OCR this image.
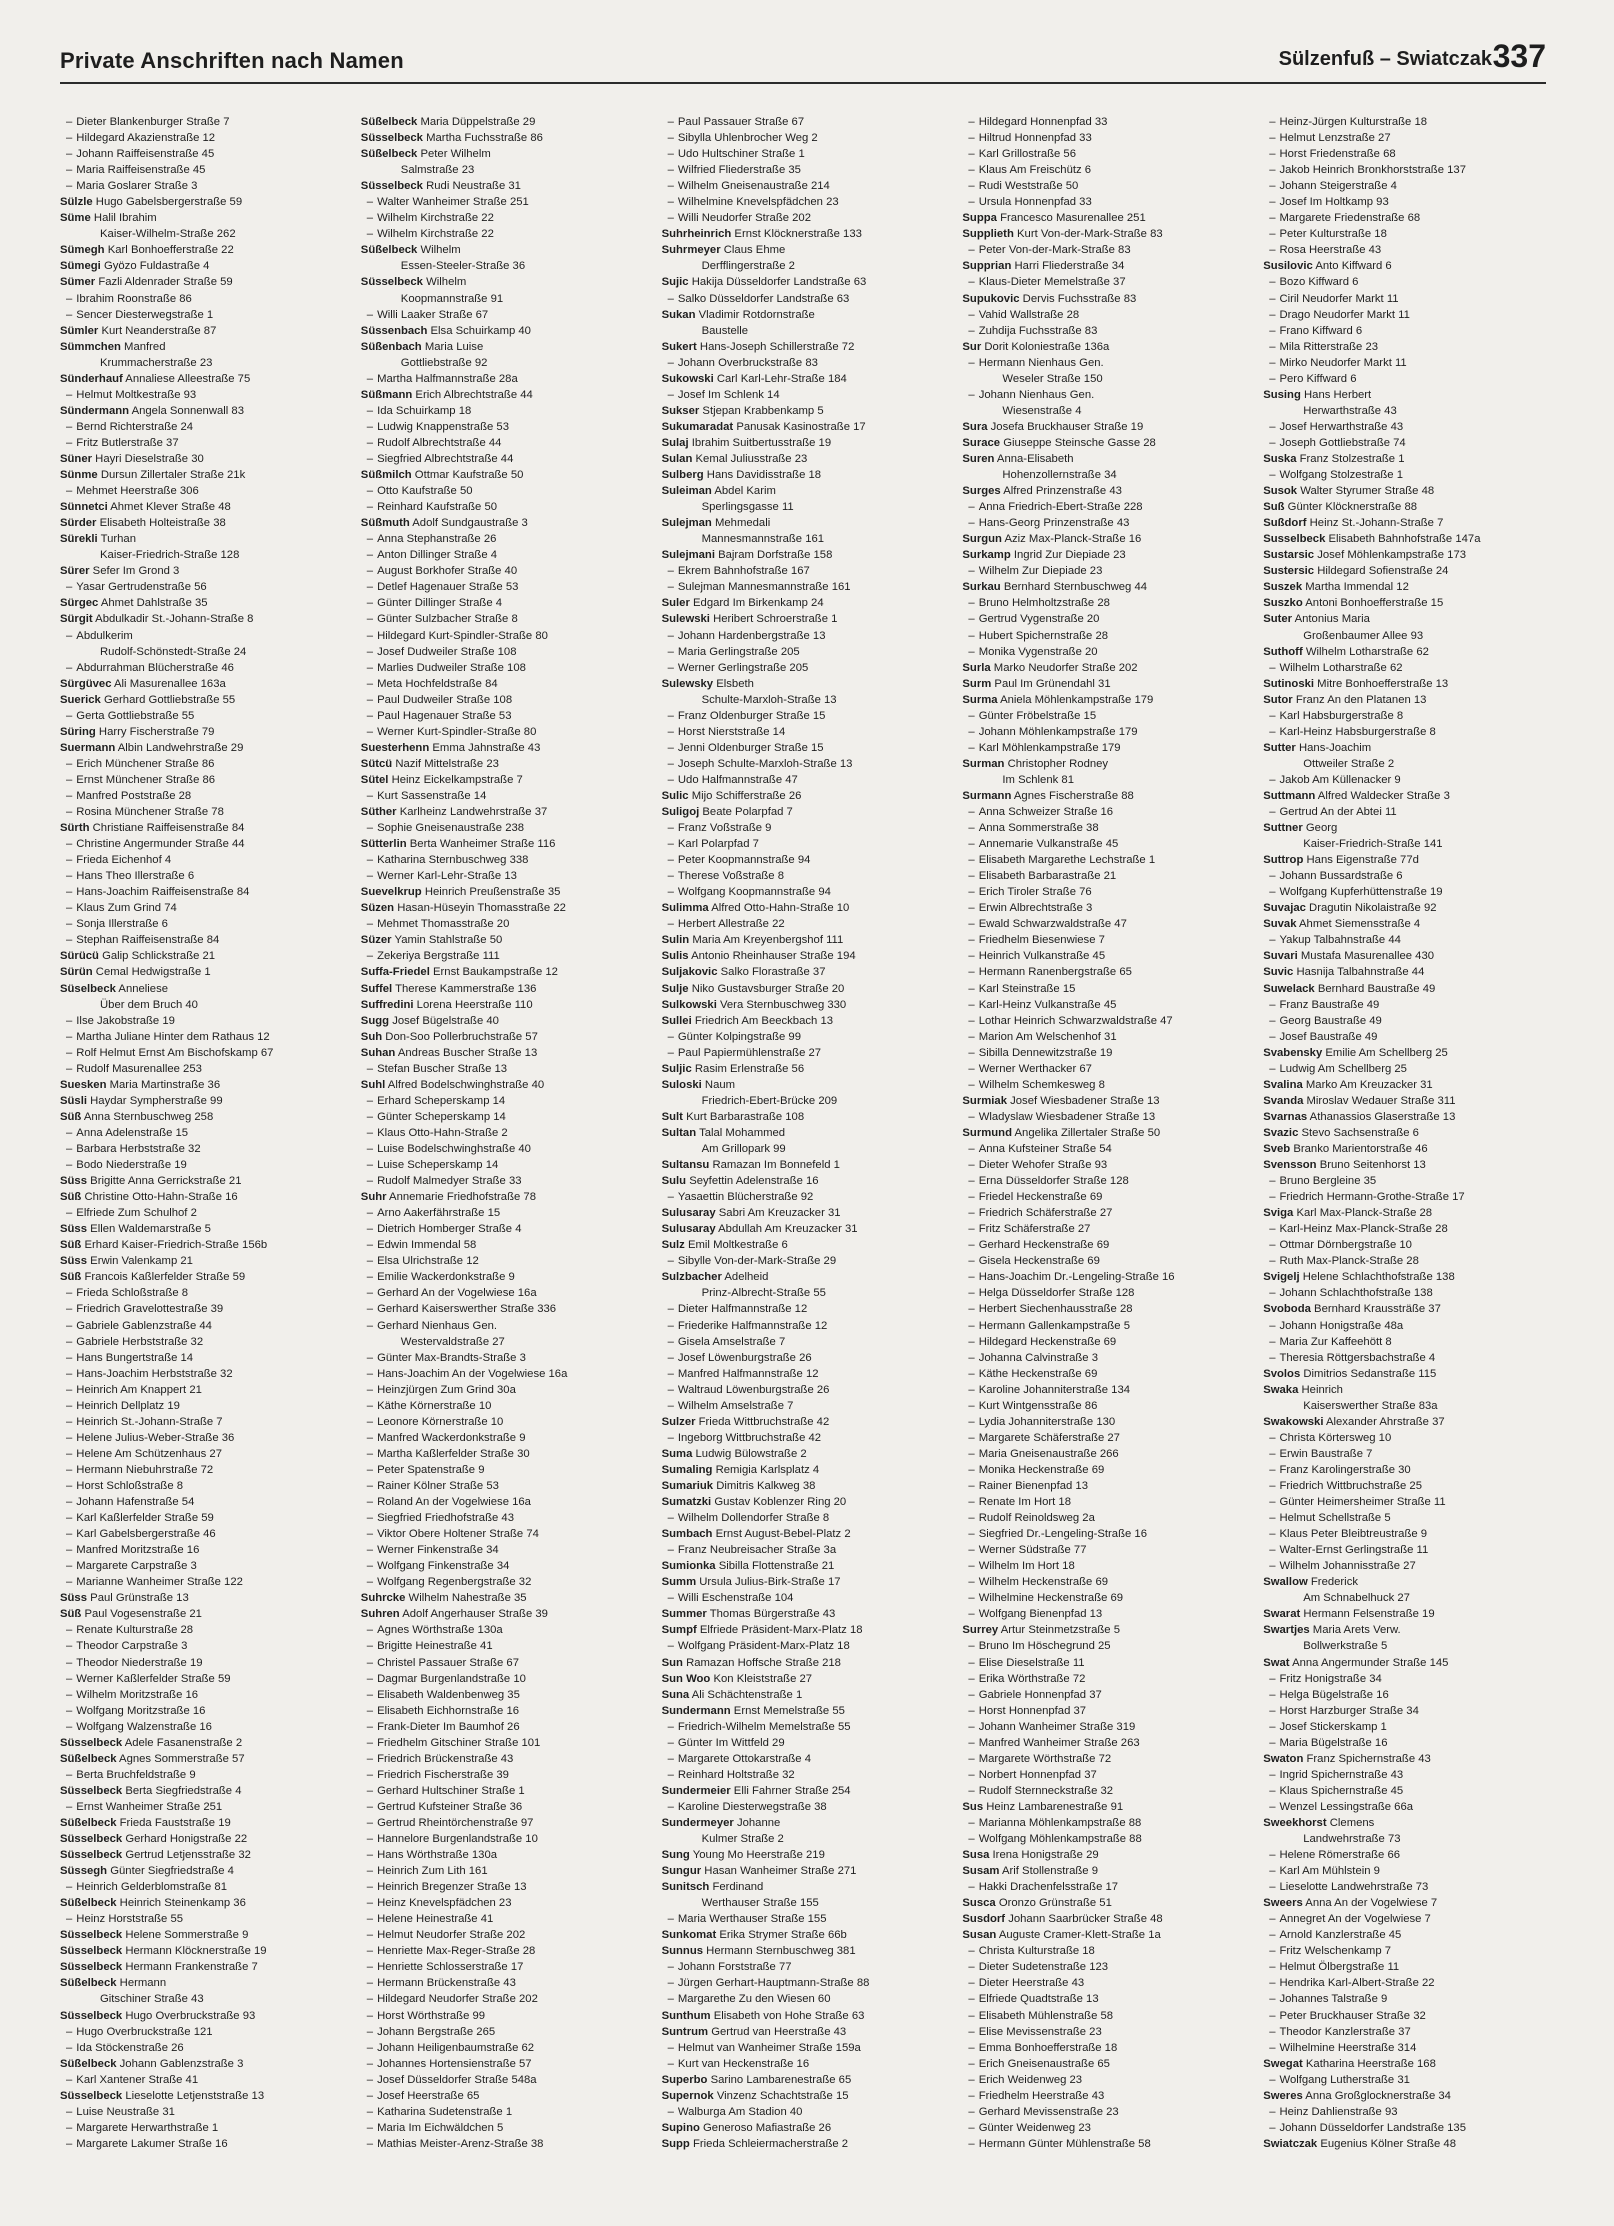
Private Anschriften nach Namen	Sülzenfuß – Swiatczak 337
– Dieter Blankenburger Straße 7
– Hildegard Akazienstraße 12
– Johann Raiffeisenstraße 45
– Maria Raiffeisenstraße 45
– Maria Goslarer Straße 3
Sülzle Hugo Gabelsbergerstraße 59
Süme Halil Ibrahim
Kaiser-Wilhelm-Straße 262
Sümegh Karl Bonhoefferstraße 22
Sümegi Gyözo Fuldastraße 4
Sümer Fazli Aldenrader Straße 59
– Ibrahim Roonstraße 86
– Sencer Diesterwegstraße 1
Sümler Kurt Neanderstraße 87
Sümmchen Manfred
Krummacherstraße 23
Sünderhauf Annaliese Alleestraße 75
– Helmut Moltkestraße 93
Sündermann Angela Sonnenwall 83
– Bernd Richterstraße 24
– Fritz Butlerstraße 37
Süner Hayri Dieselstraße 30
Sünme Dursun Zillertaler Straße 21k
– Mehmet Heerstraße 306
Sünnetci Ahmet Klever Straße 48
Sürder Elisabeth Holteistraße 38
Sürekli Turhan
Kaiser-Friedrich-Straße 128
Sürer Sefer Im Grond 3
– Yasar Gertrudenstraße 56
Sürgec Ahmet Dahlstraße 35
Sürgit Abdulkadir St.-Johann-Straße 8
– Abdulkerim
Rudolf-Schönstedt-Straße 24
– Abdurrahman Blücherstraße 46
Sürgüvec Ali Masurenallee 163a
Suerick Gerhard Gottliebstraße 55
– Gerta Gottliebstraße 55
Süring Harry Fischerstraße 79
Suermann Albin Landwehrstraße 29
– Erich Münchener Straße 86
– Ernst Münchener Straße 86
– Manfred Poststraße 28
– Rosina Münchener Straße 78
Sürth Christiane Raiffeisenstraße 84
– Christine Angermunder Straße 44
– Frieda Eichenhof 4
– Hans Theo Illerstraße 6
– Hans-Joachim Raiffeisenstraße 84
– Klaus Zum Grind 74
– Sonja Illerstraße 6
– Stephan Raiffeisenstraße 84
Sürücü Galip Schlickstraße 21
Sürün Cemal Hedwigstraße 1
Süselbeck Anneliese
Über dem Bruch 40
– Ilse Jakobstraße 19
– Martha Juliane Hinter dem Rathaus 12
– Rolf Helmut Ernst Am Bischofskamp 67
– Rudolf Masurenallee 253
Suesken Maria Martinstraße 36
Süsli Haydar Sympherstraße 99
Süß Anna Sternbuschweg 258
– Anna Adelenstraße 15
– Barbara Herbststraße 32
– Bodo Niederstraße 19
Süss Brigitte Anna Gerrickstraße 21
Süß Christine Otto-Hahn-Straße 16
– Elfriede Zum Schulhof 2
Süss Ellen Waldemarstraße 5
Süß Erhard Kaiser-Friedrich-Straße 156b
Süss Erwin Valenkamp 21
Süß Francois Kaßlerfelder Straße 59
– Frieda Schloßstraße 8
– Friedrich Gravelottestraße 39
– Gabriele Gablenzstraße 44
– Gabriele Herbststraße 32
– Hans Bungertstraße 14
– Hans-Joachim Herbststraße 32
– Heinrich Am Knappert 21
– Heinrich Dellplatz 19
– Heinrich St.-Johann-Straße 7
– Helene Julius-Weber-Straße 36
– Helene Am Schützenhaus 27
– Hermann Niebuhrstraße 72
– Horst Schloßstraße 8
– Johann Hafenstraße 54
– Karl Kaßlerfelder Straße 59
– Karl Gabelsbergerstraße 46
– Manfred Moritzstraße 16
– Margarete Carpstraße 3
– Marianne Wanheimer Straße 122
Süss Paul Grünstraße 13
Süß Paul Vogesenstraße 21
– Renate Kulturstraße 28
– Theodor Carpstraße 3
– Theodor Niederstraße 19
– Werner Kaßlerfelder Straße 59
– Wilhelm Moritzstraße 16
– Wolfgang Moritzstraße 16
– Wolfgang Walzenstraße 16
Süsselbeck Adele Fasanenstraße 2
Süßelbeck Agnes Sommerstraße 57
– Berta Bruchfeldstraße 9
Süsselbeck Berta Siegfriedstraße 4
– Ernst Wanheimer Straße 251
Süßelbeck Frieda Fauststraße 19
Süsselbeck Gerhard Honigstraße 22
Süsselbeck Gertrud Letjensstraße 32
Süssegh Günter Siegfriedstraße 4
– Heinrich Gelderblomstraße 81
Süßelbeck Heinrich Steinenkamp 36
– Heinz Horststraße 55
Süsselbeck Helene Sommerstraße 9
Süsselbeck Hermann Klöcknerstraße 19
Süsselbeck Hermann Frankenstraße 7
Süßelbeck Hermann
Gitschiner Straße 43
Süsselbeck Hugo Overbruckstraße 93
– Hugo Overbruckstraße 121
– Ida Stöckenstraße 26
Süßelbeck Johann Gablenzstraße 3
– Karl Xantener Straße 41
Süsselbeck Lieselotte Letjenststraße 13
– Luise Neustraße 31
– Margarete Herwarthstraße 1
– Margarete Lakumer Straße 16
Süßelbeck Maria Düppelstraße 29
Süsselbeck Martha Fuchsstraße 86
Süßelbeck Peter Wilhelm
Salmstraße 23
Süsselbeck Rudi Neustraße 31
– Walter Wanheimer Straße 251
– Wilhelm Kirchstraße 22
– Wilhelm Kirchstraße 22
Süßelbeck Wilhelm
Essen-Steeler-Straße 36
Süsselbeck Wilhelm
Koopmannstraße 91
– Willi Laaker Straße 67
Süssenbach Elsa Schuirkamp 40
Süßenbach Maria Luise
Gottliebstraße 92
– Martha Halfmannstraße 28a
Süßmann Erich Albrechtstraße 44
– Ida Schuirkamp 18
– Ludwig Knappenstraße 53
– Rudolf Albrechtstraße 44
– Siegfried Albrechtstraße 44
Süßmilch Ottmar Kaufstraße 50
– Otto Kaufstraße 50
– Reinhard Kaufstraße 50
Süßmuth Adolf Sundgaustraße 3
– Anna Stephanstraße 26
– Anton Dillinger Straße 4
– August Borkhofer Straße 40
– Detlef Hagenauer Straße 53
– Günter Dillinger Straße 4
– Günter Sulzbacher Straße 8
– Hildegard Kurt-Spindler-Straße 80
– Josef Dudweiler Straße 108
– Marlies Dudweiler Straße 108
– Meta Hochfeldstraße 84
– Paul Dudweiler Straße 108
– Paul Hagenauer Straße 53
– Werner Kurt-Spindler-Straße 80
Suesterhenn Emma Jahnstraße 43
Sütcü Nazif Mittelstraße 23
Sütel Heinz Eickelkampstraße 7
– Kurt Sassenstraße 14
Süther Karlheinz Landwehrstraße 37
– Sophie Gneisenaustraße 238
Sütterlin Berta Wanheimer Straße 116
– Katharina Sternbuschweg 338
– Werner Karl-Lehr-Straße 13
Suevelkrup Heinrich Preußenstraße 35
Süzen Hasan-Hüseyin Thomasstraße 22
– Mehmet Thomasstraße 20
Süzer Yamin Stahlstraße 50
– Zekeriya Bergstraße 111
Suffa-Friedel Ernst Baukampstraße 12
Suffel Therese Kammerstraße 136
Suffredini Lorena Heerstraße 110
Sugg Josef Bügelstraße 40
Suh Don-Soo Pollerbruchstraße 57
Suhan Andreas Buscher Straße 13
– Stefan Buscher Straße 13
Suhl Alfred Bodelschwinghstraße 40
– Erhard Scheperskamp 14
– Günter Scheperskamp 14
– Klaus Otto-Hahn-Straße 2
– Luise Bodelschwinghstraße 40
– Luise Scheperskamp 14
– Rudolf Malmedyer Straße 33
Suhr Annemarie Friedhofstraße 78
– Arno Aakerfährstraße 15
– Dietrich Homberger Straße 4
– Edwin Immendal 58
– Elsa Ulrichstraße 12
– Emilie Wackerdonkstraße 9
– Gerhard An der Vogelwiese 16a
– Gerhard Kaiserswerther Straße 336
– Gerhard Nienhaus Gen.
Westervaldstraße 27
– Günter Max-Brandts-Straße 3
– Hans-Joachim An der Vogelwiese 16a
– Heinzjürgen Zum Grind 30a
– Käthe Körnerstraße 10
– Leonore Körnerstraße 10
– Manfred Wackerdonkstraße 9
– Martha Kaßlerfelder Straße 30
– Peter Spatenstraße 9
– Rainer Kölner Straße 53
– Roland An der Vogelwiese 16a
– Siegfried Friedhofstraße 43
– Viktor Obere Holtener Straße 74
– Werner Finkenstraße 34
– Wolfgang Finkenstraße 34
– Wolfgang Regenbergstraße 32
Suhrcke Wilhelm Nahestraße 35
Suhren Adolf Angerhauser Straße 39
– Agnes Wörthstraße 130a
– Brigitte Heinestraße 41
– Christel Passauer Straße 67
– Dagmar Burgenlandstraße 10
– Elisabeth Waldenbenweg 35
– Elisabeth Eichhornstraße 16
– Frank-Dieter Im Baumhof 26
– Friedhelm Gitschiner Straße 101
– Friedrich Brückenstraße 43
– Friedrich Fischerstraße 39
– Gerhard Hultschiner Straße 1
– Gertrud Kufsteiner Straße 36
– Gertrud Rheintörchenstraße 97
– Hannelore Burgenlandstraße 10
– Hans Wörthstraße 130a
– Heinrich Zum Lith 161
– Heinrich Bregenzer Straße 13
– Heinz Knevelspfädchen 23
– Helene Heinestraße 41
– Helmut Neudorfer Straße 202
– Henriette Max-Reger-Straße 28
– Henriette Schlosserstraße 17
– Hermann Brückenstraße 43
– Hildegard Neudorfer Straße 202
– Horst Wörthstraße 99
– Johann Bergstraße 265
– Johann Heiligenbaumstraße 62
– Johannes Hortensienstraße 57
– Josef Düsseldorfer Straße 548a
– Josef Heerstraße 65
– Katharina Sudetenstraße 1
– Maria Im Eichwäldchen 5
– Mathias Meister-Arenz-Straße 38
– Paul Passauer Straße 67
– Sibylla Uhlenbrocher Weg 2
– Udo Hultschiner Straße 1
– Wilfried Fliederstraße 35
– Wilhelm Gneisenaustraße 214
– Wilhelmine Knevelspfädchen 23
– Willi Neudorfer Straße 202
Suhrheinrich Ernst Klöcknerstraße 133
Suhrmeyer Claus Ehme
Derfflingerstraße 2
Sujic Hakija Düsseldorfer Landstraße 63
– Salko Düsseldorfer Landstraße 63
Sukan Vladimir Rotdornstraße
Baustelle
Sukert Hans-Joseph Schillerstraße 72
– Johann Overbruckstraße 83
Sukowski Carl Karl-Lehr-Straße 184
– Josef Im Schlenk 14
Sukser Stjepan Krabbenkamp 5
Sukumaradat Panusak Kasinostraße 17
Sulaj Ibrahim Suitbertusstraße 19
Sulan Kemal Juliusstraße 23
Sulberg Hans Davidisstraße 18
Suleiman Abdel Karim
Sperlingsgasse 11
Sulejman Mehmedali
Mannesmannstraße 161
Sulejmani Bajram Dorfstraße 158
– Ekrem Bahnhofstraße 167
– Sulejman Mannesmannstraße 161
Suler Edgard Im Birkenkamp 24
Sulewski Heribert Schroerstraße 1
– Johann Hardenbergstraße 13
– Maria Gerlingstraße 205
– Werner Gerlingstraße 205
Sulewsky Elsbeth
Schulte-Marxloh-Straße 13
– Franz Oldenburger Straße 15
– Horst Nierststraße 14
– Jenni Oldenburger Straße 15
– Joseph Schulte-Marxloh-Straße 13
– Udo Halfmannstraße 47
Sulic Mijo Schifferstraße 26
Suligoj Beate Polarpfad 7
– Franz Voßstraße 9
– Karl Polarpfad 7
– Peter Koopmannstraße 94
– Therese Voßstraße 8
– Wolfgang Koopmannstraße 94
Sulimma Alfred Otto-Hahn-Straße 10
– Herbert Allestraße 22
Sulin Maria Am Kreyenbergshof 111
Sulis Antonio Rheinhauser Straße 194
Suljakovic Salko Florastraße 37
Sulje Niko Gustavsburger Straße 20
Sulkowski Vera Sternbuschweg 330
Sullei Friedrich Am Beeckbach 13
– Günter Kolpingstraße 99
– Paul Papiermühlenstraße 27
Suljic Rasim Erlenstraße 56
Suloski Naum
Friedrich-Ebert-Brücke 209
Sult Kurt Barbarastraße 108
Sultan Talal Mohammed
Am Grillopark 99
Sultansu Ramazan Im Bonnefeld 1
Sulu Seyfettin Adelenstraße 16
– Yasaettin Blücherstraße 92
Sulusaray Sabri Am Kreuzacker 31
Sulusaray Abdullah Am Kreuzacker 31
Sulz Emil Moltkestraße 6
– Sibylle Von-der-Mark-Straße 29
Sulzbacher Adelheid
Prinz-Albrecht-Straße 55
– Dieter Halfmannstraße 12
– Friederike Halfmannstraße 12
– Gisela Amselstraße 7
– Josef Löwenburgstraße 26
– Manfred Halfmannstraße 12
– Waltraud Löwenburgstraße 26
– Wilhelm Amselstraße 7
Sulzer Frieda Wittbruchstraße 42
– Ingeborg Wittbruchstraße 42
Suma Ludwig Bülowstraße 2
Sumaling Remigia Karlsplatz 4
Sumariuk Dimitris Kalkweg 38
Sumatzki Gustav Koblenzer Ring 20
– Wilhelm Dollendorfer Straße 8
Sumbach Ernst August-Bebel-Platz 2
– Franz Neubreisacher Straße 3a
Sumionka Sibilla Flottenstraße 21
Summ Ursula Julius-Birk-Straße 17
– Willi Eschenstraße 104
Summer Thomas Bürgerstraße 43
Sumpf Elfriede Präsident-Marx-Platz 18
– Wolfgang Präsident-Marx-Platz 18
Sun Ramazan Hoffsche Straße 218
Sun Woo Kon Kleiststraße 27
Suna Ali Schächtenstraße 1
Sundermann Ernst Memelstraße 55
– Friedrich-Wilhelm Memelstraße 55
– Günter Im Wittfeld 29
– Margarete Ottokarstraße 4
– Reinhard Holtstraße 32
Sundermeier Elli Fahrner Straße 254
– Karoline Diesterwegstraße 38
Sundermeyer Johanne
Kulmer Straße 2
Sung Young Mo Heerstraße 219
Sungur Hasan Wanheimer Straße 271
Sunitsch Ferdinand
Werthauser Straße 155
– Maria Werthauser Straße 155
Sunkomat Erika Strymer Straße 66b
Sunnus Hermann Sternbuschweg 381
– Johann Forststraße 77
– Jürgen Gerhart-Hauptmann-Straße 88
– Margarethe Zu den Wiesen 60
Sunthum Elisabeth von Hohe Straße 63
Suntrum Gertrud van Heerstraße 43
– Helmut van Wanheimer Straße 159a
– Kurt van Heckenstraße 16
Superbo Sarino Lambarenestraße 65
Supernok Vinzenz Schachtstraße 15
– Walburga Am Stadion 40
Supino Generoso Mafiastraße 26
Supp Frieda Schleiermacherstraße 2
– Hildegard Honnenpfad 33
– Hiltrud Honnenpfad 33
– Karl Grillostraße 56
– Klaus Am Freischütz 6
– Rudi Weststraße 50
– Ursula Honnenpfad 33
Suppa Francesco Masurenallee 251
Supplieth Kurt Von-der-Mark-Straße 83
– Peter Von-der-Mark-Straße 83
Supprian Harri Fliederstraße 34
– Klaus-Dieter Memelstraße 37
Supukovic Dervis Fuchsstraße 83
– Vahid Wallstraße 28
– Zuhdija Fuchsstraße 83
Sur Dorit Koloniestraße 136a
– Hermann Nienhaus Gen.
Weseler Straße 150
– Johann Nienhaus Gen.
Wiesenstraße 4
Sura Josefa Bruckhauser Straße 19
Surace Giuseppe Steinsche Gasse 28
Suren Anna-Elisabeth
Hohenzollernstraße 34
Surges Alfred Prinzenstraße 43
– Anna Friedrich-Ebert-Straße 228
– Hans-Georg Prinzenstraße 43
Surgun Aziz Max-Planck-Straße 16
Surkamp Ingrid Zur Diepiade 23
– Wilhelm Zur Diepiade 23
Surkau Bernhard Sternbuschweg 44
– Bruno Helmholtzstraße 28
– Gertrud Vygenstraße 20
– Hubert Spichernstraße 28
– Monika Vygenstraße 20
Surla Marko Neudorfer Straße 202
Surm Paul Im Grünendahl 31
Surma Aniela Möhlenkampstraße 179
– Günter Fröbelstraße 15
– Johann Möhlenkampstraße 179
– Karl Möhlenkampstraße 179
Surman Christopher Rodney
Im Schlenk 81
Surmann Agnes Fischerstraße 88
– Anna Schweizer Straße 16
– Anna Sommerstraße 38
– Annemarie Vulkanstraße 45
– Elisabeth Margarethe Lechstraße 1
– Elisabeth Barbarastraße 21
– Erich Tiroler Straße 76
– Erwin Albrechtstraße 3
– Ewald Schwarzwaldstraße 47
– Friedhelm Biesenwiese 7
– Heinrich Vulkanstraße 45
– Hermann Ranenbergstraße 65
– Karl Steinstraße 15
– Karl-Heinz Vulkanstraße 45
– Lothar Heinrich Schwarzwaldstraße 47
– Marion Am Welschenhof 31
– Sibilla Dennewitzstraße 19
– Werner Werthacker 67
– Wilhelm Schemkesweg 8
Surmiak Josef Wiesbadener Straße 13
– Wladyslaw Wiesbadener Straße 13
Surmund Angelika Zillertaler Straße 50
– Anna Kufsteiner Straße 54
– Dieter Wehofer Straße 93
– Erna Düsseldorfer Straße 128
– Friedel Heckenstraße 69
– Friedrich Schäferstraße 27
– Fritz Schäferstraße 27
– Gerhard Heckenstraße 69
– Gisela Heckenstraße 69
– Hans-Joachim Dr.-Lengeling-Straße 16
– Helga Düsseldorfer Straße 128
– Herbert Siechenhausstraße 28
– Hermann Gallenkampstraße 5
– Hildegard Heckenstraße 69
– Johanna Calvinstraße 3
– Käthe Heckenstraße 69
– Karoline Johanniterstraße 134
– Kurt Wintgensstraße 86
– Lydia Johanniterstraße 130
– Margarete Schäferstraße 27
– Maria Gneisenaustraße 266
– Monika Heckenstraße 69
– Rainer Bienenpfad 13
– Renate Im Hort 18
– Rudolf Reinoldsweg 2a
– Siegfried Dr.-Lengeling-Straße 16
– Werner Südstraße 77
– Wilhelm Im Hort 18
– Wilhelm Heckenstraße 69
– Wilhelmine Heckenstraße 69
– Wolfgang Bienenpfad 13
Surrey Artur Steinmetzstraße 5
– Bruno Im Höschegrund 25
– Elise Dieselstraße 11
– Erika Wörthstraße 72
– Gabriele Honnenpfad 37
– Horst Honnenpfad 37
– Johann Wanheimer Straße 319
– Manfred Wanheimer Straße 263
– Margarete Wörthstraße 72
– Norbert Honnenpfad 37
– Rudolf Sternneckstraße 32
Sus Heinz Lambarenestraße 91
– Marianna Möhlenkampstraße 88
– Wolfgang Möhlenkampstraße 88
Susa Irena Honigstraße 29
Susam Arif Stollenstraße 9
– Hakki Drachenfelsstraße 17
Susca Oronzo Grünstraße 51
Susdorf Johann Saarbrücker Straße 48
Susan Auguste Cramer-Klett-Straße 1a
– Christa Kulturstraße 18
– Dieter Sudetenstraße 123
– Dieter Heerstraße 43
– Elfriede Quadtstraße 13
– Elisabeth Mühlenstraße 58
– Elise Mevissenstraße 23
– Emma Bonhoefferstraße 18
– Erich Gneisenaustraße 65
– Erich Weidenweg 23
– Friedhelm Heerstraße 43
– Gerhard Mevissenstraße 23
– Günter Weidenweg 23
– Hermann Günter Mühlenstraße 58
– Heinz-Jürgen Kulturstraße 18
– Helmut Lenzstraße 27
– Horst Friedenstraße 68
– Jakob Heinrich Bronkhorststraße 137
– Johann Steigerstraße 4
– Josef Im Holtkamp 93
– Margarete Friedenstraße 68
– Peter Kulturstraße 18
– Rosa Heerstraße 43
Susilovic Anto Kiffward 6
– Bozo Kiffward 6
– Ciril Neudorfer Markt 11
– Drago Neudorfer Markt 11
– Frano Kiffward 6
– Mila Ritterstraße 23
– Mirko Neudorfer Markt 11
– Pero Kiffward 6
Susing Hans Herbert
Herwarthstraße 43
– Josef Herwarthstraße 43
– Joseph Gottliebstraße 74
Suska Franz Stolzestraße 1
– Wolfgang Stolzestraße 1
Susok Walter Styrumer Straße 48
Suß Günter Klöcknerstraße 88
Sußdorf Heinz St.-Johann-Straße 7
Susselbeck Elisabeth Bahnhofstraße 147a
Sustarsic Josef Möhlenkampstraße 173
Sustersic Hildegard Sofienstraße 24
Suszek Martha Immendal 12
Suszko Antoni Bonhoefferstraße 15
Suter Antonius Maria
Großenbaumer Allee 93
Suthoff Wilhelm Lotharstraße 62
– Wilhelm Lotharstraße 62
Sutinoski Mitre Bonhoefferstraße 13
Sutor Franz An den Platanen 13
– Karl Habsburgerstraße 8
– Karl-Heinz Habsburgerstraße 8
Sutter Hans-Joachim
Ottweiler Straße 2
– Jakob Am Küllenacker 9
Suttmann Alfred Waldecker Straße 3
– Gertrud An der Abtei 11
Suttner Georg
Kaiser-Friedrich-Straße 141
Suttrop Hans Eigenstraße 77d
– Johann Bussardstraße 6
– Wolfgang Kupferhüttenstraße 19
Suvajac Dragutin Nikolaistraße 92
Suvak Ahmet Siemensstraße 4
– Yakup Talbahnstraße 44
Suvari Mustafa Masurenallee 430
Suvic Hasnija Talbahnstraße 44
Suwelack Bernhard Baustraße 49
– Franz Baustraße 49
– Georg Baustraße 49
– Josef Baustraße 49
Svabensky Emilie Am Schellberg 25
– Ludwig Am Schellberg 25
Svalina Marko Am Kreuzacker 31
Svanda Miroslav Wedauer Straße 311
Svarnas Athanassios Glaserstraße 13
Svazic Stevo Sachsenstraße 6
Sveb Branko Marientorstraße 46
Svensson Bruno Seitenhorst 13
– Bruno Bergleine 35
– Friedrich Hermann-Grothe-Straße 17
Sviga Karl Max-Planck-Straße 28
– Karl-Heinz Max-Planck-Straße 28
– Ottmar Dörnbergstraße 10
– Ruth Max-Planck-Straße 28
Svigelj Helene Schlachthofstraße 138
– Johann Schlachthofstraße 138
Svoboda Bernhard Kraussträße 37
– Johann Honigstraße 48a
– Maria Zur Kaffeehött 8
– Theresia Röttgersbachstraße 4
Svolos Dimitrios Sedanstraße 115
Swaka Heinrich
Kaiserswerther Straße 83a
Swakowski Alexander Ahrstraße 37
– Christa Körtersweg 10
– Erwin Baustraße 7
– Franz Karolingerstraße 30
– Friedrich Wittbruchstraße 25
– Günter Heimersheimer Straße 11
– Helmut Schellstraße 5
– Klaus Peter Bleibtreustraße 9
– Walter-Ernst Gerlingstraße 11
– Wilhelm Johannisstraße 27
Swallow Frederick
Am Schnabelhuck 27
Swarat Hermann Felsenstraße 19
Swartjes Maria Arets Verw.
Bollwerkstraße 5
Swat Anna Angermunder Straße 145
– Fritz Honigstraße 34
– Helga Bügelstraße 16
– Horst Harzburger Straße 34
– Josef Stickerskamp 1
– Maria Bügelstraße 16
Swaton Franz Spichernstraße 43
– Ingrid Spichernstraße 43
– Klaus Spichernstraße 45
– Wenzel Lessingstraße 66a
Sweekhorst Clemens
Landwehrstraße 73
– Helene Römerstraße 66
– Karl Am Mühlstein 9
– Lieselotte Landwehrstraße 73
Sweers Anna An der Vogelwiese 7
– Annegret An der Vogelwiese 7
– Arnold Kanzlerstraße 45
– Fritz Welschenkamp 7
– Helmut Ölbergstraße 11
– Hendrika Karl-Albert-Straße 22
– Johannes Talstraße 9
– Peter Bruckhauser Straße 32
– Theodor Kanzlerstraße 37
– Wilhelmine Heerstraße 314
Swegat Katharina Heerstraße 168
– Wolfgang Lutherstraße 31
Sweres Anna Großglocknerstraße 34
– Heinz Dahlienstraße 93
– Johann Düsseldorfer Landstraße 135
Swiatczak Eugenius Kölner Straße 48
